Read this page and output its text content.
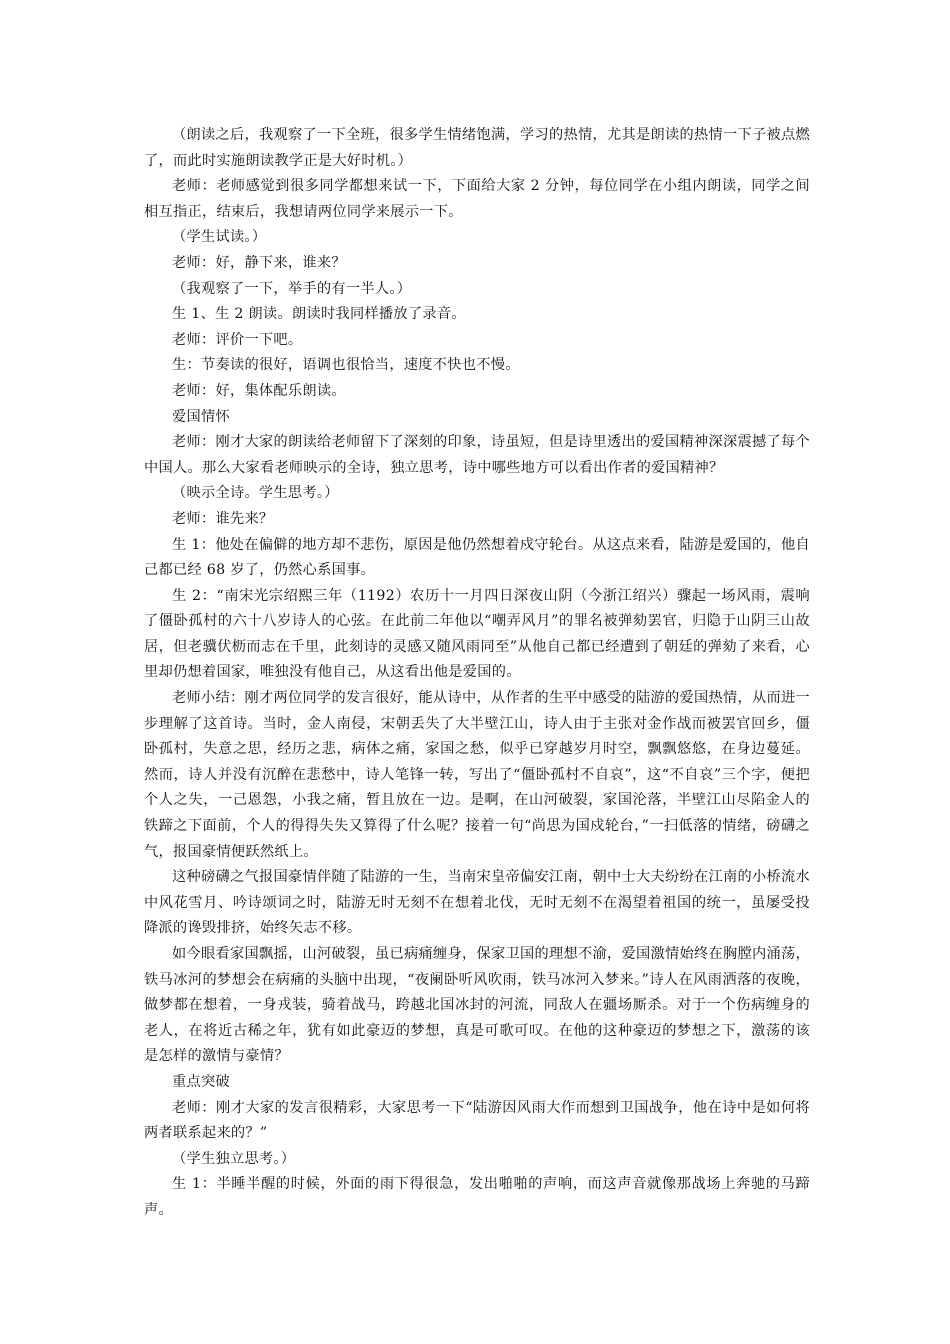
（朗读之后，我观察了一下全班，很多学生情绪饱满，学习的热情，尤其是朗读的热情一下子被点燃了，而此时实施朗读教学正是大好时机。）

老师：老师感觉到很多同学都想来试一下，下面给大家 2 分钟，每位同学在小组内朗读，同学之间相互指正，结束后，我想请两位同学来展示一下。

（学生试读。）

老师：好，静下来，谁来？

（我观察了一下，举手的有一半人。）

生 1、生 2 朗读。朗读时我同样播放了录音。

老师：评价一下吧。

生：节奏读的很好，语调也很恰当，速度不快也不慢。

老师：好，集体配乐朗读。

爱国情怀

老师：刚才大家的朗读给老师留下了深刻的印象，诗虽短，但是诗里透出的爱国精神深深震撼了每个中国人。那么大家看老师映示的全诗，独立思考，诗中哪些地方可以看出作者的爱国精神？

（映示全诗。学生思考。）

老师：谁先来？

生 1：他处在偏僻的地方却不悲伤，原因是他仍然想着戍守轮台。从这点来看，陆游是爱国的，他自己都已经 68 岁了，仍然心系国事。

生 2：“南宋光宗绍熙三年（1192）农历十一月四日深夜山阴（今浙江绍兴）骤起一场风雨，震响了僵卧孤村的六十八岁诗人的心弦。在此前二年他以“嘲弄风月”的罪名被弹劾罢官，归隐于山阴三山故居，但老骥伏枥而志在千里，此刻诗的灵感又随风雨同至”从他自己都已经遭到了朝廷的弹劾了来看，心里却仍想着国家，唯独没有他自己，从这看出他是爱国的。

老师小结：刚才两位同学的发言很好，能从诗中，从作者的生平中感受的陆游的爱国热情，从而进一步理解了这首诗。当时，金人南侵，宋朝丢失了大半壁江山，诗人由于主张对金作战而被罢官回乡，僵卧孤村，失意之思，经历之悲，病体之痛，家国之愁，似乎已穿越岁月时空，飘飘悠悠，在身边蔓延。然而，诗人并没有沉醉在悲愁中，诗人笔锋一转，写出了“僵卧孤村不自哀”，这“不自哀”三个字，便把个人之失，一己恩怨，小我之痛，暂且放在一边。是啊，在山河破裂，家国沦落，半壁江山尽陷金人的铁蹄之下面前，个人的得得失失又算得了什么呢？接着一句“尚思为国戍轮台，”一扫低落的情绪，磅礴之气，报国豪情便跃然纸上。

这种磅礴之气报国豪情伴随了陆游的一生，当南宋皇帝偏安江南，朝中士大夫纷纷在江南的小桥流水中风花雪月、吟诗颂词之时，陆游无时无刻不在想着北伐，无时无刻不在渴望着祖国的统一，虽屡受投降派的谗毁排挤，始终矢志不移。

如今眼看家国飘摇，山河破裂，虽已病痛缠身，保家卫国的理想不渝，爱国激情始终在胸膛内涌荡，铁马冰河的梦想会在病痛的头脑中出现，“夜阑卧听风吹雨，铁马冰河入梦来。”诗人在风雨洒落的夜晚，做梦都在想着，一身戎装，骑着战马，跨越北国冰封的河流，同敌人在疆场厮杀。对于一个伤病缠身的老人，在将近古稀之年，犹有如此豪迈的梦想，真是可歌可叹。在他的这种豪迈的梦想之下，激荡的该是怎样的激情与豪情？

重点突破

老师：刚才大家的发言很精彩，大家思考一下“陆游因风雨大作而想到卫国战争，他在诗中是如何将两者联系起来的？”

（学生独立思考。）

生 1：半睡半醒的时候，外面的雨下得很急，发出啪啪的声响，而这声音就像那战场上奔驰的马蹄声。
